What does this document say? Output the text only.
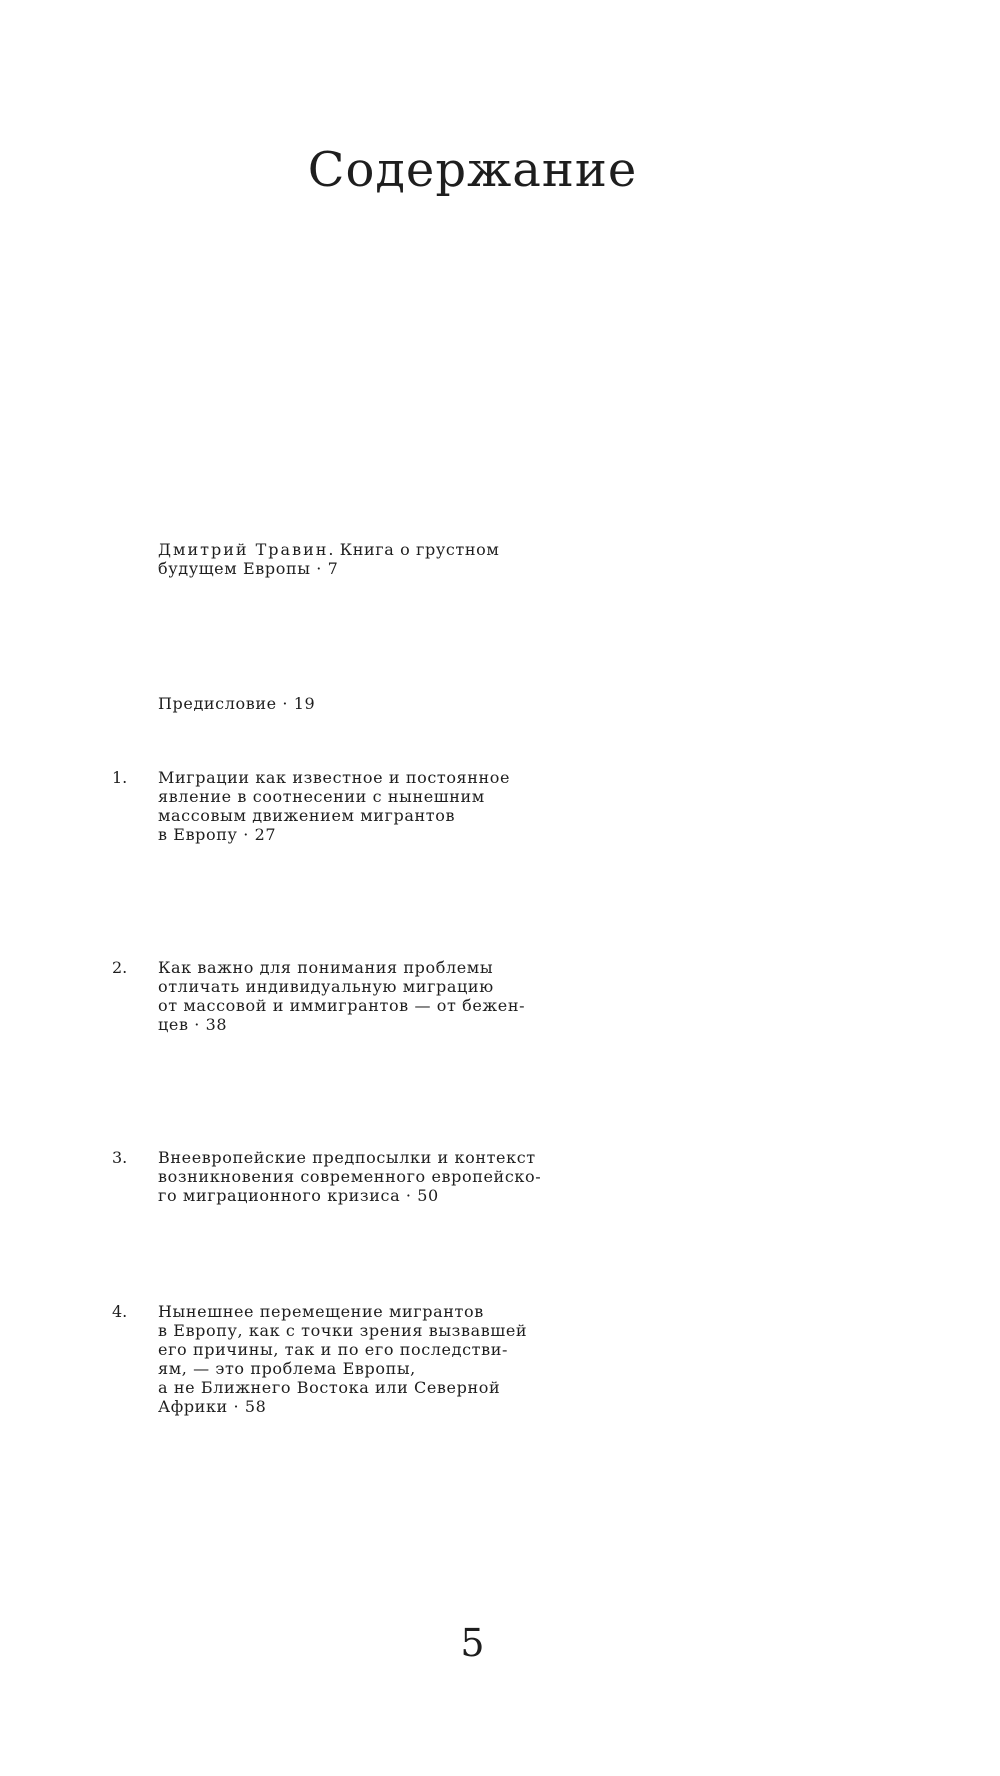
Содержание
Дмитрий Травин. Книга о грустном
будущем Европы · 7
Предисловие · 19
1. Миграции как известное и постоянное
явление в соотнесении с нынешним
массовым движением мигрантов
в Европу · 27
2. Как важно для понимания проблемы
отличать индивидуальную миграцию
от массовой и иммигрантов — от бежен-
цев · 38
3. Внеевропейские предпосылки и контекст
возникновения современного европейско-
го миграционного кризиса · 50
4. Нынешнее перемещение мигрантов
в Европу, как с точки зрения вызвавшей
его причины, так и по его последстви-
ям, — это проблема Европы,
а не Ближнего Востока или Северной
Африки · 58
5
